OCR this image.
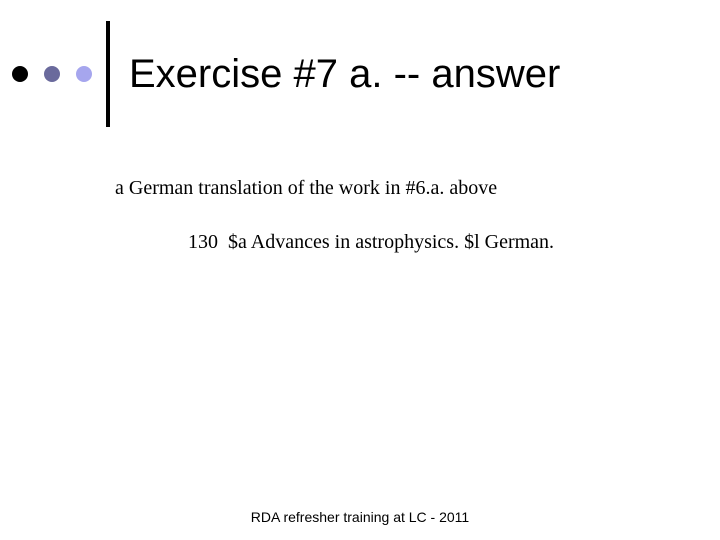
Exercise #7 a. -- answer
a German translation of the work in #6.a. above
130  $a Advances in astrophysics. $l German.
RDA refresher training at LC - 2011
